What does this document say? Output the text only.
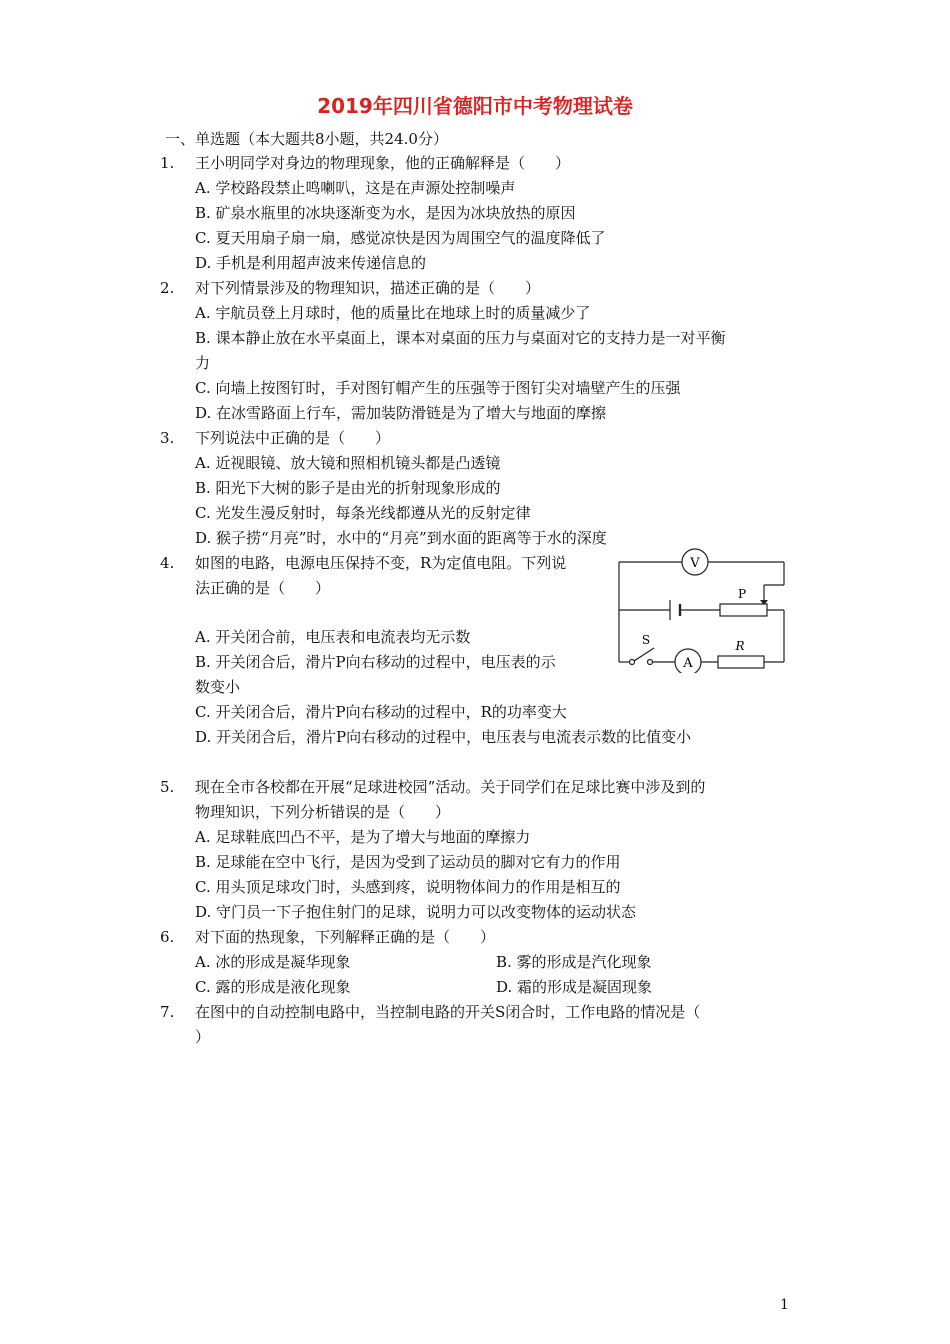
2019年四川省德阳市中考物理试卷
一、单选题（本大题共8小题，共24.0分）
1. 王小明同学对身边的物理现象，他的正确解释是（　　）
A. 学校路段禁止鸣喇叭，这是在声源处控制噪声
B. 矿泉水瓶里的冰块逐渐变为水，是因为冰块放热的原因
C. 夏天用扇子扇一扇，感觉凉快是因为周围空气的温度降低了
D. 手机是利用超声波来传递信息的
2. 对下列情景涉及的物理知识，描述正确的是（　　）
A. 宇航员登上月球时，他的质量比在地球上时的质量减少了
B. 课本静止放在水平桌面上，课本对桌面的压力与桌面对它的支持力是一对平衡
力
C. 向墙上按图钉时，手对图钉帽产生的压强等于图钉尖对墙壁产生的压强
D. 在冰雪路面上行车，需加装防滑链是为了增大与地面的摩擦
3. 下列说法中正确的是（　　）
A. 近视眼镜、放大镜和照相机镜头都是凸透镜
B. 阳光下大树的影子是由光的折射现象形成的
C. 光发生漫反射时，每条光线都遵从光的反射定律
D. 猴子捞“月亮”时，水中的“月亮”到水面的距离等于水的深度
4. 如图的电路，电源电压保持不变，R为定值电阻。下列说
法正确的是（　　）
A. 开关闭合前，电压表和电流表均无示数
B. 开关闭合后，滑片P向右移动的过程中，电压表的示
数变小
C. 开关闭合后，滑片P向右移动的过程中，R的功率变大
D. 开关闭合后，滑片P向右移动的过程中，电压表与电流表示数的比值变小
V
P
S
A
R
5. 现在全市各校都在开展“足球进校园”活动。关于同学们在足球比赛中涉及到的
物理知识，下列分析错误的是（　　）
A. 足球鞋底凹凸不平，是为了增大与地面的摩擦力
B. 足球能在空中飞行，是因为受到了运动员的脚对它有力的作用
C. 用头顶足球攻门时，头感到疼，说明物体间力的作用是相互的
D. 守门员一下子抱住射门的足球，说明力可以改变物体的运动状态
6. 对下面的热现象，下列解释正确的是（　　）
A. 冰的形成是凝华现象	B. 雾的形成是汽化现象
C. 露的形成是液化现象	D. 霜的形成是凝固现象
7. 在图中的自动控制电路中，当控制电路的开关S闭合时，工作电路的情况是（
）
1
